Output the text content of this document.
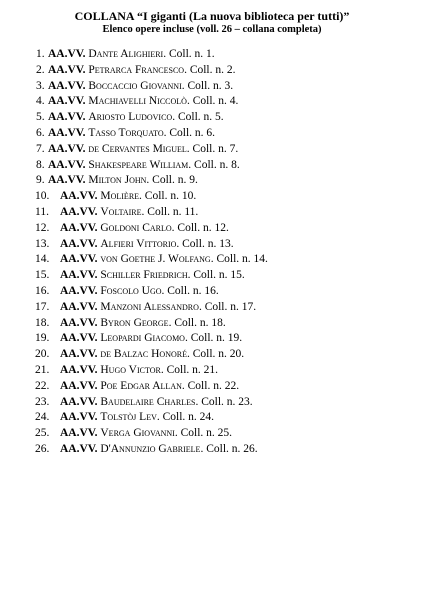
COLLANA “I giganti (La nuova biblioteca per tutti)”
Elenco opere incluse (voll. 26 – collana completa)
1. AA.VV. Dante Alighieri. Coll. n. 1.
2. AA.VV. Petrarca Francesco. Coll. n. 2.
3. AA.VV. Boccaccio Giovanni. Coll. n. 3.
4. AA.VV. Machiavelli Niccolò. Coll. n. 4.
5. AA.VV. Ariosto Ludovico. Coll. n. 5.
6. AA.VV. Tasso Torquato. Coll. n. 6.
7. AA.VV. de Cervantes Miguel. Coll. n. 7.
8. AA.VV. Shakespeare William. Coll. n. 8.
9. AA.VV. Milton John. Coll. n. 9.
10. AA.VV. Molière. Coll. n. 10.
11. AA.VV. Voltaire. Coll. n. 11.
12. AA.VV. Goldoni Carlo. Coll. n. 12.
13. AA.VV. Alfieri Vittorio. Coll. n. 13.
14. AA.VV. von Goethe J. Wolfang. Coll. n. 14.
15. AA.VV. Schiller Friedrich. Coll. n. 15.
16. AA.VV. Foscolo Ugo. Coll. n. 16.
17. AA.VV. Manzoni Alessandro. Coll. n. 17.
18. AA.VV. Byron George. Coll. n. 18.
19. AA.VV. Leopardi Giacomo. Coll. n. 19.
20. AA.VV. de Balzac Honoré. Coll. n. 20.
21. AA.VV. Hugo Victor. Coll. n. 21.
22. AA.VV. Poe Edgar Allan. Coll. n. 22.
23. AA.VV. Baudelaire Charles. Coll. n. 23.
24. AA.VV. Tolstòj Lev. Coll. n. 24.
25. AA.VV. Verga Giovanni. Coll. n. 25.
26. AA.VV. D'Annunzio Gabriele. Coll. n. 26.
